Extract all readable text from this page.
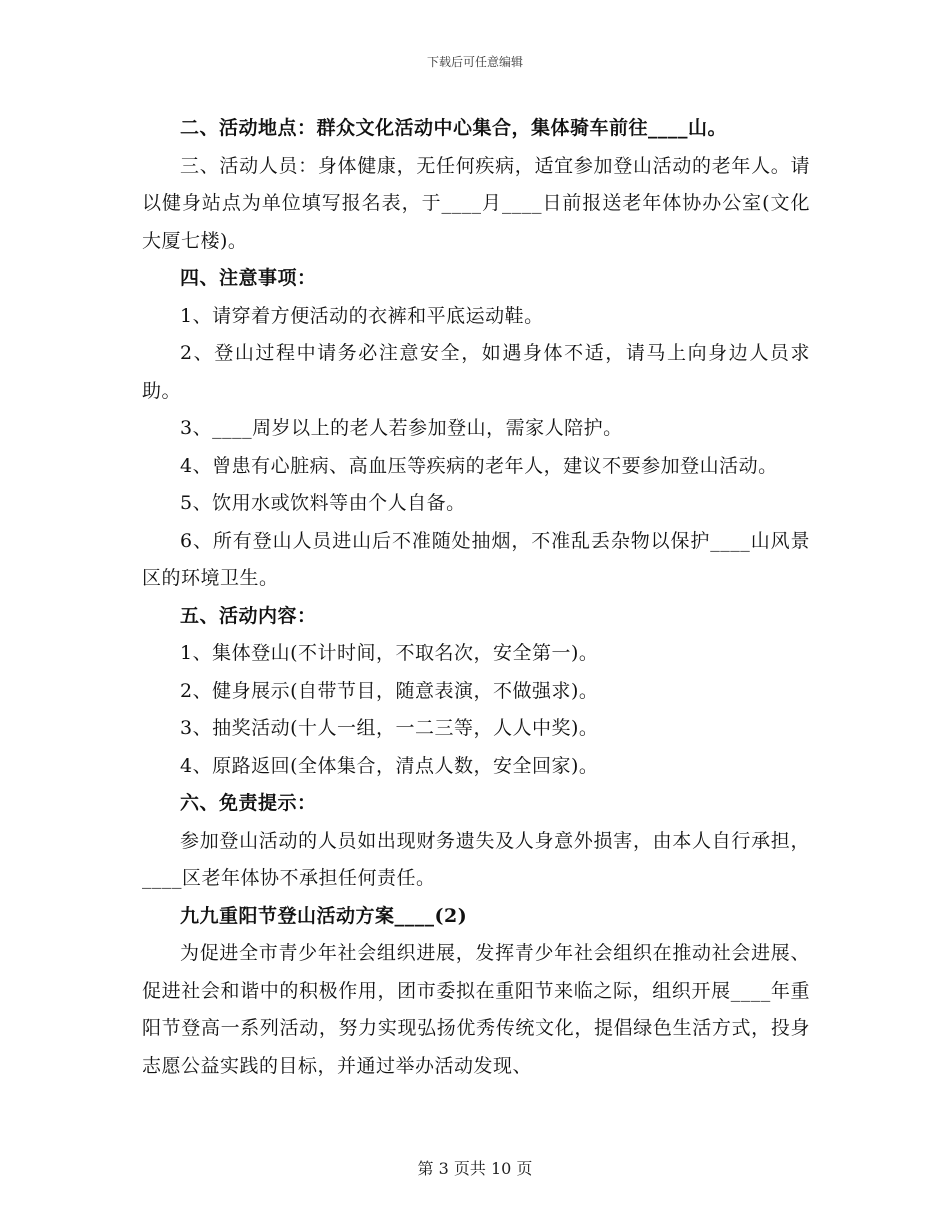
下载后可任意编辑

二、活动地点：群众文化活动中心集合，集体骑车前往____山。

三、活动人员：身体健康，无任何疾病，适宜参加登山活动的老年人。请以健身站点为单位填写报名表，于____月____日前报送老年体协办公室(文化大厦七楼)。

四、注意事项：

1、请穿着方便活动的衣裤和平底运动鞋。

2、登山过程中请务必注意安全，如遇身体不适，请马上向身边人员求助。

3、____周岁以上的老人若参加登山，需家人陪护。

4、曾患有心脏病、高血压等疾病的老年人，建议不要参加登山活动。

5、饮用水或饮料等由个人自备。

6、所有登山人员进山后不准随处抽烟，不准乱丢杂物以保护____山风景区的环境卫生。

五、活动内容：

1、集体登山(不计时间，不取名次，安全第一)。

2、健身展示(自带节目，随意表演，不做强求)。

3、抽奖活动(十人一组，一二三等，人人中奖)。

4、原路返回(全体集合，清点人数，安全回家)。

六、免责提示：

参加登山活动的人员如出现财务遗失及人身意外损害，由本人自行承担，____区老年体协不承担任何责任。

九九重阳节登山活动方案____(2)

为促进全市青少年社会组织进展，发挥青少年社会组织在推动社会进展、促进社会和谐中的积极作用，团市委拟在重阳节来临之际，组织开展____年重阳节登高一系列活动，努力实现弘扬优秀传统文化，提倡绿色生活方式，投身志愿公益实践的目标，并通过举办活动发现、

第 3 页共 10 页
